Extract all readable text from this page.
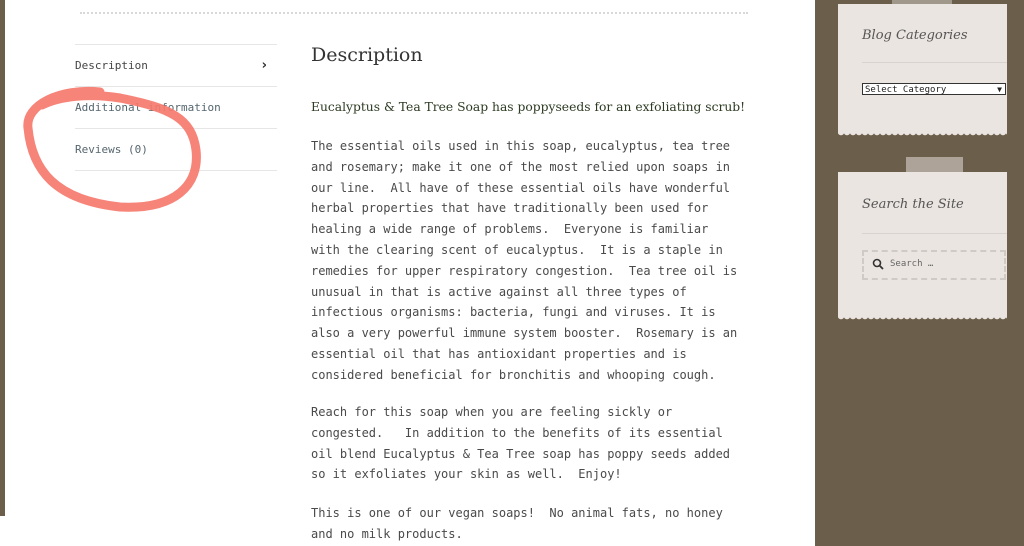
Description	›
Additional information
Reviews (0)
Description
Eucalyptus & Tea Tree Soap has poppyseeds for an exfoliating scrub!

The essential oils used in this soap, eucalyptus, tea tree
and rosemary; make it one of the most relied upon soaps in
our line.  All have of these essential oils have wonderful
herbal properties that have traditionally been used for
healing a wide range of problems.  Everyone is familiar
with the clearing scent of eucalyptus.  It is a staple in
remedies for upper respiratory congestion.  Tea tree oil is
unusual in that is active against all three types of
infectious organisms: bacteria, fungi and viruses. It is
also a very powerful immune system booster.  Rosemary is an
essential oil that has antioxidant properties and is
considered beneficial for bronchitis and whooping cough.

Reach for this soap when you are feeling sickly or
congested.   In addition to the benefits of its essential
oil blend Eucalyptus & Tea Tree soap has poppy seeds added
so it exfoliates your skin as well.  Enjoy!

This is one of our vegan soaps!  No animal fats, no honey
and no milk products.

Blog Categories
Select Category	▼
Search the Site
Search …
